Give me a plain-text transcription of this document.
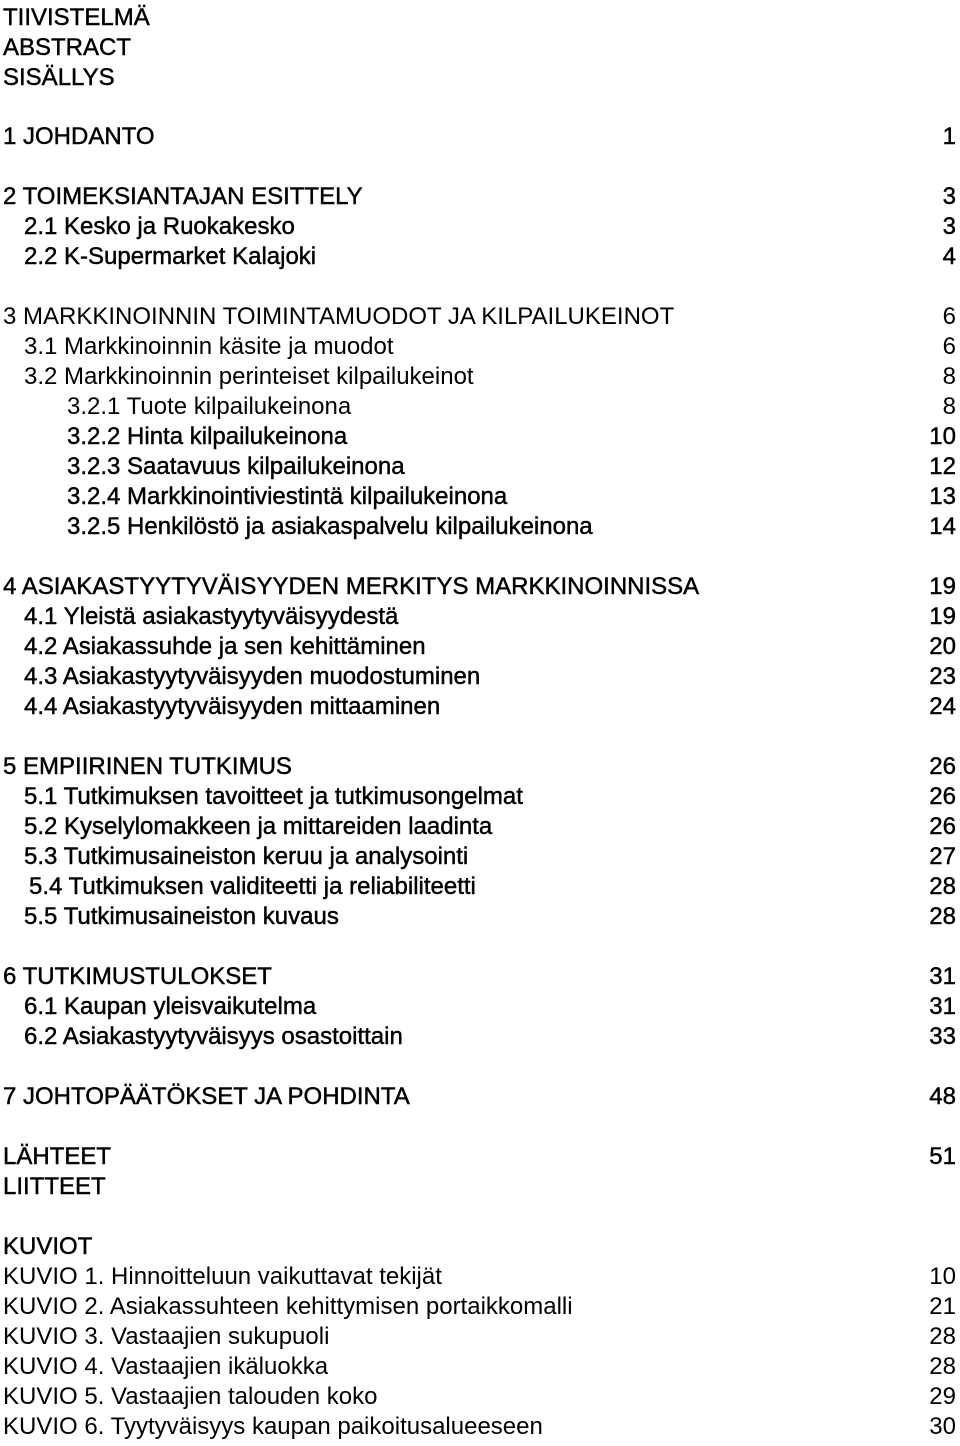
TIIVISTELMÄ
ABSTRACT
SISÄLLYS
1 JOHDANTO	1
2 TOIMEKSIANTAJAN ESITTELY	3
2.1 Kesko ja Ruokakesko	3
2.2 K-Supermarket Kalajoki	4
3 MARKKINOINNIN TOIMINTAMUODOT JA KILPAILUKEINOT	6
3.1 Markkinoinnin käsite ja muodot	6
3.2 Markkinoinnin perinteiset kilpailukeinot	8
3.2.1 Tuote kilpailukeinona	8
3.2.2 Hinta kilpailukeinona	10
3.2.3 Saatavuus kilpailukeinona	12
3.2.4 Markkinointiviestintä kilpailukeinona	13
3.2.5 Henkilöstö ja asiakaspalvelu kilpailukeinona	14
4 ASIAKASTYYTYVÄISYYDEN MERKITYS MARKKINOINNISSA	19
4.1 Yleistä asiakastyytyväisyydestä	19
4.2 Asiakassuhde ja sen kehittäminen	20
4.3 Asiakastyytyväisyyden muodostuminen	23
4.4 Asiakastyytyväisyyden mittaaminen	24
5 EMPIIRINEN TUTKIMUS	26
5.1 Tutkimuksen tavoitteet ja tutkimusongelmat	26
5.2 Kyselylomakkeen ja mittareiden laadinta	26
5.3 Tutkimusaineiston keruu ja analysointi	27
5.4 Tutkimuksen validiteetti ja reliabiliteetti	28
5.5 Tutkimusaineiston kuvaus	28
6 TUTKIMUSTULOKSET	31
6.1 Kaupan yleisvaikutelma	31
6.2 Asiakastyytyväisyys osastoittain	33
7 JOHTOPÄÄTÖKSET JA POHDINTA	48
LÄHTEET	51
LIITTEET
KUVIOT
KUVIO 1. Hinnoitteluun vaikuttavat tekijät	10
KUVIO 2. Asiakassuhteen kehittymisen portaikkomalli	21
KUVIO 3. Vastaajien sukupuoli	28
KUVIO 4. Vastaajien ikäluokka	28
KUVIO 5. Vastaajien talouden koko	29
KUVIO 6. Tyytyväisyys kaupan paikoitusalueeseen	30
